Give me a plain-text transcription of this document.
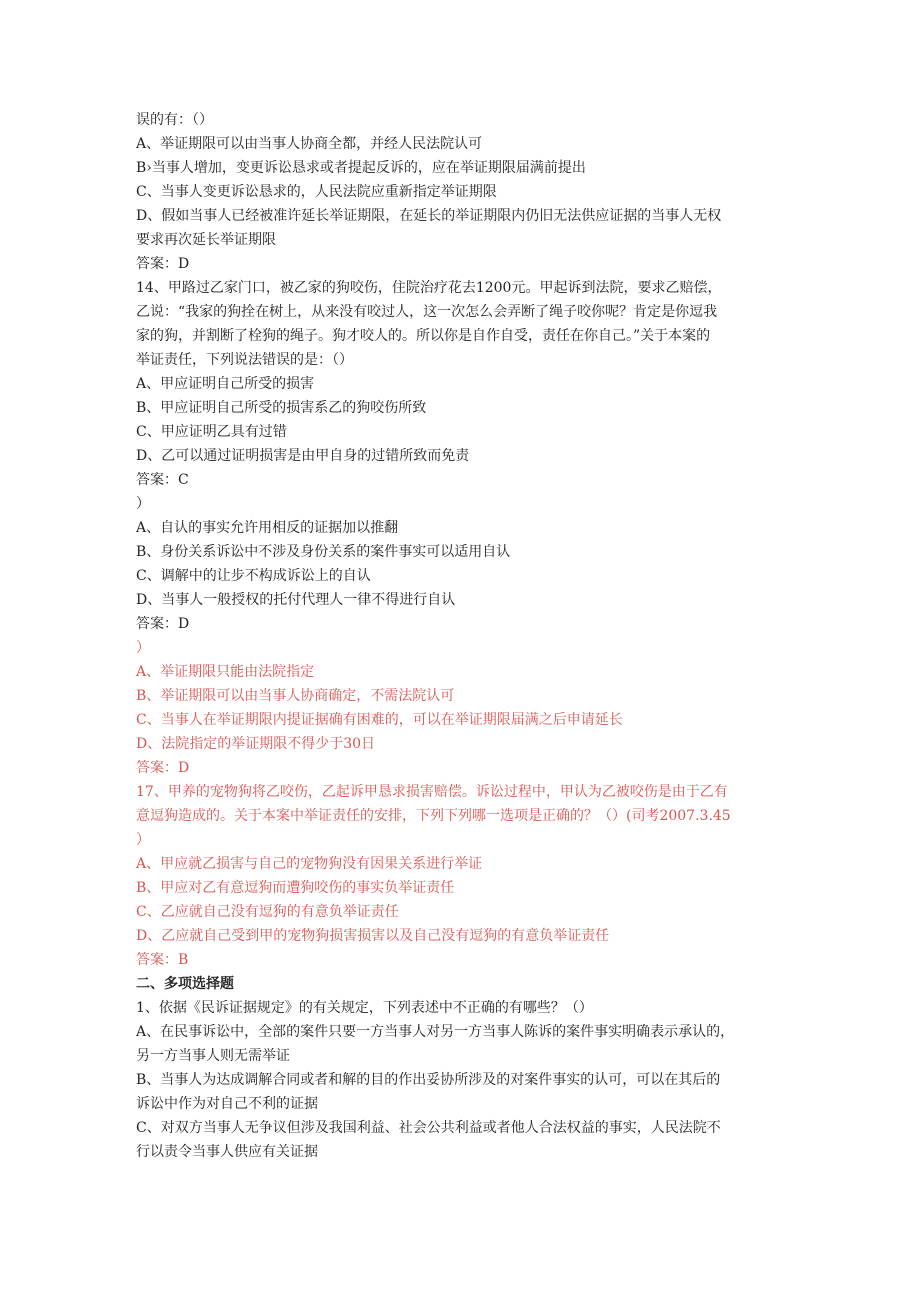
误的有：（）

A、举证期限可以由当事人协商全都，并经人民法院认可

B›当事人增加，变更诉讼恳求或者提起反诉的，应在举证期限届满前提出

C、当事人变更诉讼恳求的，人民法院应重新指定举证期限

D、假如当事人已经被准许延长举证期限，在延长的举证期限内仍旧无法供应证据的当事人无权

要求再次延长举证期限

答案：D

14、甲路过乙家门口，被乙家的狗咬伤，住院治疗花去1200元。甲起诉到法院，要求乙赔偿，

乙说：“我家的狗拴在树上，从来没有咬过人，这一次怎么会弄断了绳子咬你呢？肯定是你逗我

家的狗，并割断了栓狗的绳子。狗才咬人的。所以你是自作自受，责任在你自己。”关于本案的

举证责任，下列说法错误的是：（）

A、甲应证明自己所受的损害

B、甲应证明自己所受的损害系乙的狗咬伤所致

C、甲应证明乙具有过错

D、乙可以通过证明损害是由甲自身的过错所致而免责

答案：C

）

A、自认的事实允许用相反的证据加以推翻

B、身份关系诉讼中不涉及身份关系的案件事实可以适用自认

C、调解中的让步不构成诉讼上的自认

D、当事人一般授权的托付代理人一律不得进行自认

答案：D

）

A、举证期限只能由法院指定

B、举证期限可以由当事人协商确定，不需法院认可

C、当事人在举证期限内提证据确有困难的，可以在举证期限届满之后申请延长

D、法院指定的举证期限不得少于30日

答案：D

17、甲养的宠物狗将乙咬伤，乙起诉甲恳求损害赔偿。诉讼过程中，甲认为乙被咬伤是由于乙有

意逗狗造成的。关于本案中举证责任的安排，下列下列哪一选项是正确的？（）(司考2007.3.45

）

A、甲应就乙损害与自己的宠物狗没有因果关系进行举证

B、甲应对乙有意逗狗而遭狗咬伤的事实负举证责任

C、乙应就自己没有逗狗的有意负举证责任

D、乙应就自己受到甲的宠物狗损害损害以及自己没有逗狗的有意负举证责任

答案：B

二、多项选择题

1、依据《民诉证据规定》的有关规定，下列表述中不正确的有哪些？（）

A、在民事诉讼中，全部的案件只要一方当事人对另一方当事人陈诉的案件事实明确表示承认的，

另一方当事人则无需举证

B、当事人为达成调解合同或者和解的目的作出妥协所涉及的对案件事实的认可，可以在其后的

诉讼中作为对自己不利的证据

C、对双方当事人无争议但涉及我国利益、社会公共利益或者他人合法权益的事实，人民法院不

行以责令当事人供应有关证据
